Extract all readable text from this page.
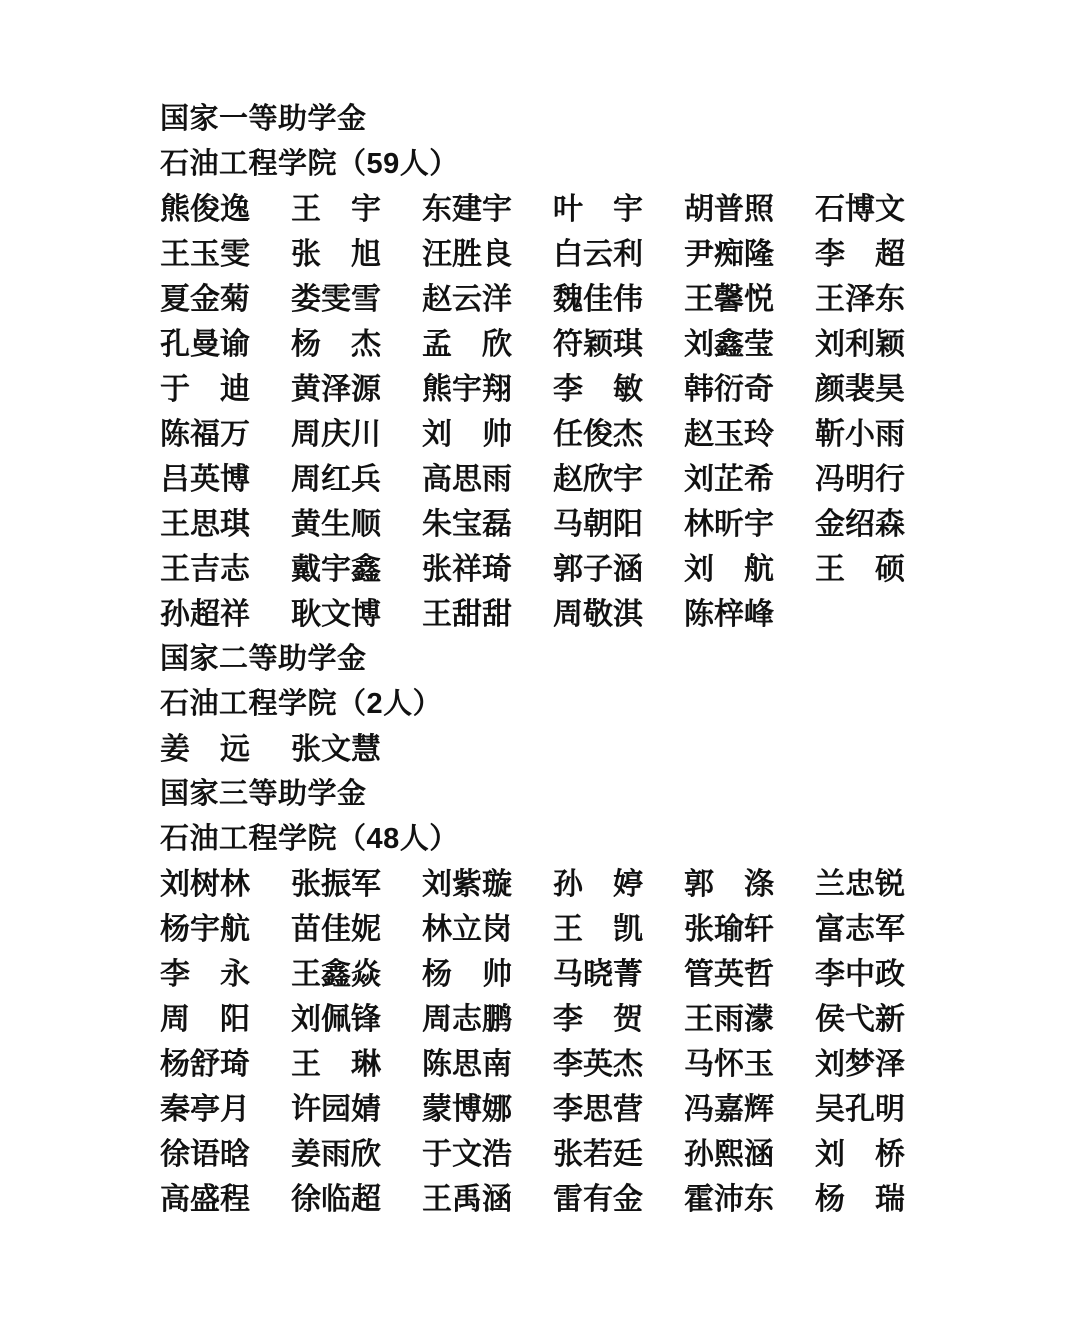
国家一等助学金
石油工程学院（59人）
熊俊逸 王　宇 东建宇 叶　宇 胡普照 石博文
王玉雯 张　旭 汪胜良 白云利 尹痴隆 李　超
夏金菊 娄雯雪 赵云洋 魏佳伟 王馨悦 王泽东
孔曼谕 杨　杰 孟　欣 符颖琪 刘鑫莹 刘利颖
于　迪 黄泽源 熊宇翔 李　敏 韩衍奇 颜裴昊
陈福万 周庆川 刘　帅 任俊杰 赵玉玲 靳小雨
吕英博 周红兵 高思雨 赵欣宇 刘芷希 冯明行
王思琪 黄生顺 朱宝磊 马朝阳 林昕宇 金绍森
王吉志 戴宇鑫 张祥琦 郭子涵 刘　航 王　硕
孙超祥 耿文博 王甜甜 周敬淇 陈梓峰
国家二等助学金
石油工程学院（2人）
姜　远 张文慧
国家三等助学金
石油工程学院（48人）
刘树林 张振军 刘紫璇 孙　婷 郭　涤 兰忠锐
杨宇航 苗佳妮 林立岗 王　凯 张瑜轩 富志军
李　永 王鑫焱 杨　帅 马晓菁 管英哲 李中政
周　阳 刘佩锋 周志鹏 李　贺 王雨濛 侯弋新
杨舒琦 王　琳 陈思南 李英杰 马怀玉 刘梦泽
秦亭月 许园婧 蒙博娜 李思营 冯嘉辉 吴孔明
徐语晗 姜雨欣 于文浩 张若廷 孙熙涵 刘　桥
高盛程 徐临超 王禹涵 雷有金 霍沛东 杨　瑞
